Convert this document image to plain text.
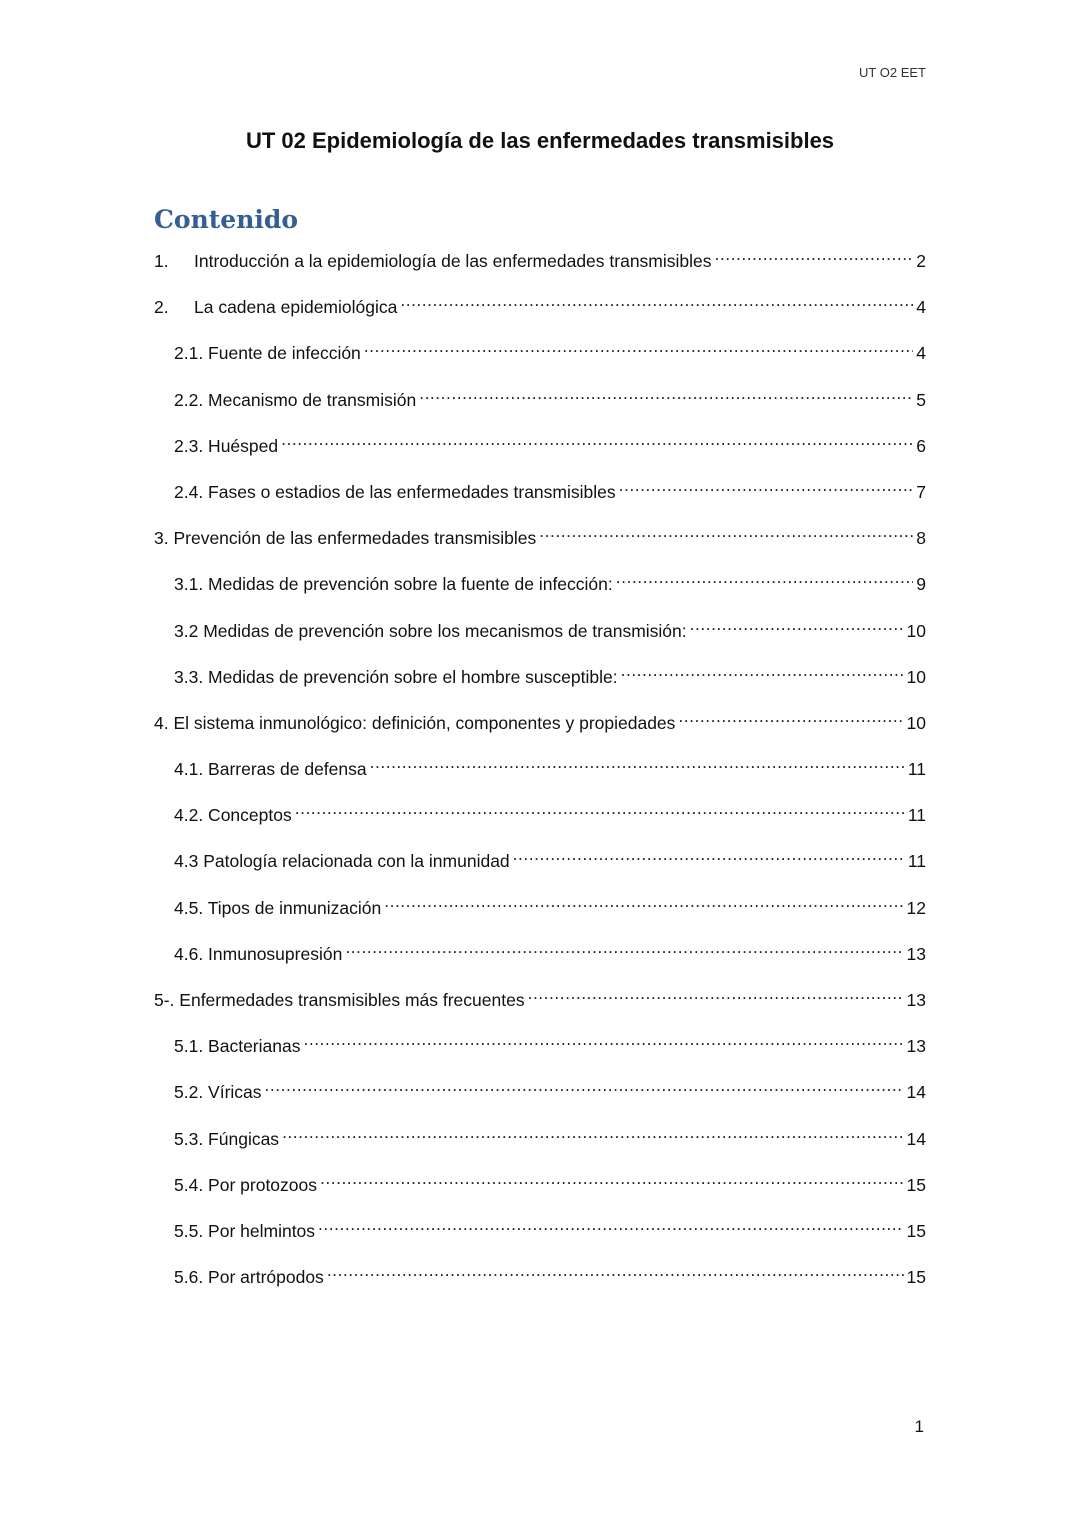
UT O2 EET
UT 02 Epidemiología de las enfermedades transmisibles
Contenido
1.	Introducción a la epidemiología de las enfermedades transmisibles .....	2
2.	La cadena epidemiológica .....	4
2.1. Fuente de infección .....	4
2.2. Mecanismo de transmisión .....	5
2.3. Huésped .....	6
2.4. Fases o estadios de las enfermedades transmisibles .....	7
3. Prevención de las enfermedades transmisibles .....	8
3.1. Medidas de prevención sobre la fuente de infección: .....	9
3.2 Medidas de prevención sobre los mecanismos de transmisión: .....	10
3.3. Medidas de prevención sobre el hombre susceptible: .....	10
4. El sistema inmunológico: definición, componentes y propiedades .....	10
4.1. Barreras de defensa .....	11
4.2. Conceptos .....	11
4.3 Patología relacionada con la inmunidad .....	11
4.5. Tipos de inmunización .....	12
4.6. Inmunosupresión .....	13
5-. Enfermedades transmisibles más frecuentes .....	13
5.1. Bacterianas .....	13
5.2. Víricas .....	14
5.3. Fúngicas .....	14
5.4. Por protozoos .....	15
5.5. Por helmintos .....	15
5.6. Por artrópodos .....	15
1
